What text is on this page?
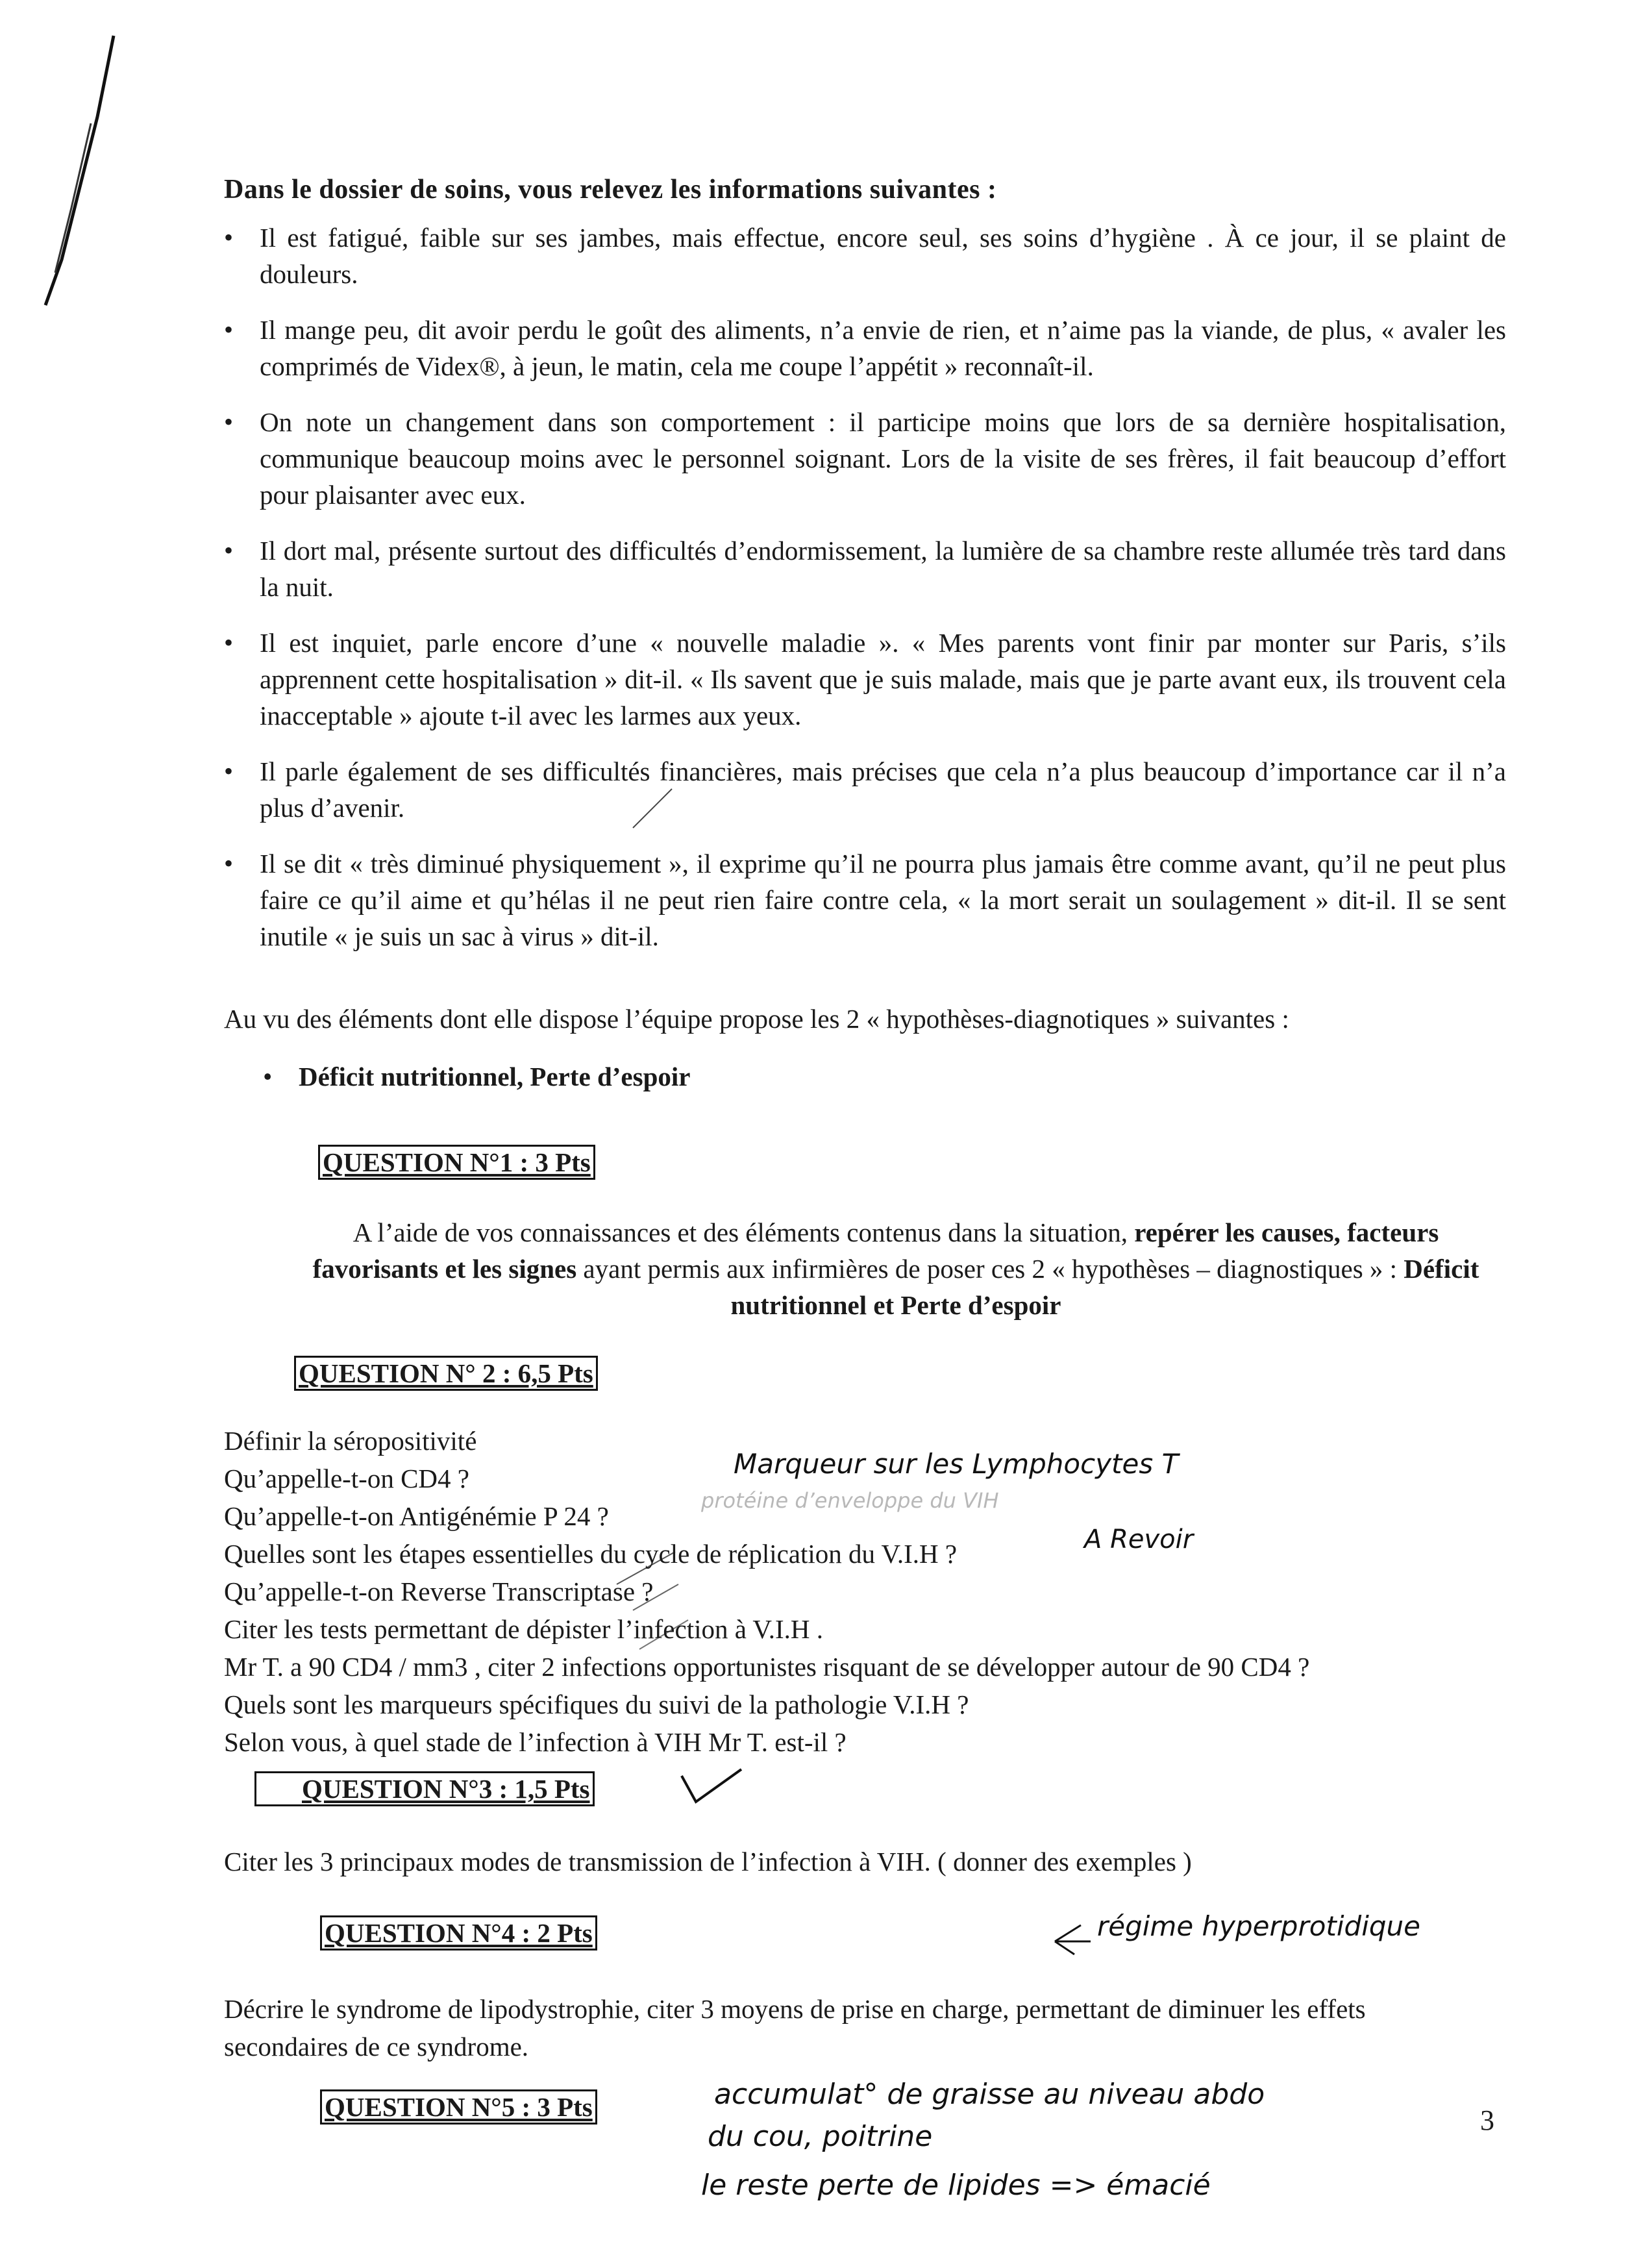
Dans le dossier de soins, vous relevez les informations suivantes :
• Il est fatigué, faible sur ses jambes, mais effectue, encore seul, ses soins d’hygiène . À ce jour, il se plaint de douleurs.
• Il mange peu, dit avoir perdu le goût des aliments, n’a envie de rien, et n’aime pas la viande, de plus, « avaler les comprimés de Videx®, à jeun, le matin, cela me coupe l’appétit » reconnaît-il.
• On note un changement dans son comportement : il participe moins que lors de sa dernière hospitalisation, communique beaucoup moins avec le personnel soignant. Lors de la visite de ses frères, il fait beaucoup d’effort pour plaisanter avec eux.
• Il dort mal, présente surtout des difficultés d’endormissement, la lumière de sa chambre reste allumée très tard dans la nuit.
• Il est inquiet, parle encore d’une « nouvelle maladie ». « Mes parents vont finir par monter sur Paris, s’ils apprennent cette hospitalisation » dit-il. « Ils savent que je suis malade, mais que je parte avant eux, ils trouvent cela inacceptable » ajoute t-il avec les larmes aux yeux.
• Il parle également de ses difficultés financières, mais précises que cela n’a plus beaucoup d’importance car il n’a plus d’avenir.
• Il se dit « très diminué physiquement », il exprime qu’il ne pourra plus jamais être comme avant, qu’il ne peut plus faire ce qu’il aime et qu’hélas il ne peut rien faire contre cela, « la mort serait un soulagement » dit-il. Il se sent inutile « je suis un sac à virus » dit-il.
Au vu des éléments dont elle dispose l’équipe propose les 2 « hypothèses-diagnotiques » suivantes :
• Déficit nutritionnel, Perte d’espoir
QUESTION N°1 : 3 Pts
A l’aide de vos connaissances et des éléments contenus dans la situation, repérer les causes, facteurs favorisants et les signes ayant permis aux infirmières de poser ces 2 « hypothèses – diagnostiques » : Déficit nutritionnel et Perte d’espoir
QUESTION N° 2 : 6,5 Pts
Définir la séropositivité
Qu’appelle-t-on CD4 ?
Qu’appelle-t-on Antigénémie P 24 ?
Quelles sont les étapes essentielles du cycle de réplication du V.I.H ?
Qu’appelle-t-on Reverse Transcriptase ?
Citer les tests permettant de dépister l’infection à V.I.H .
Mr T. a 90 CD4 / mm3 , citer 2 infections opportunistes risquant de se développer autour de 90 CD4 ?
Quels sont les marqueurs spécifiques du suivi de la pathologie V.I.H ?
Selon vous, à quel stade de l’infection à VIH Mr T. est-il ?
Marqueur sur les Lymphocytes T
protéine d’enveloppe du VIH
A Revoir
QUESTION N°3 : 1,5 Pts
Citer les 3 principaux modes de transmission de l’infection à VIH. ( donner des exemples )
QUESTION N°4 : 2 Pts	régime hyperprotidique
Décrire le syndrome de lipodystrophie, citer 3 moyens de prise en charge, permettant de diminuer les effets secondaires de ce syndrome.
QUESTION N°5 : 3 Pts	accumulat° de graisse au niveau abdo
du cou, poitrine
le reste perte de lipides => émacié
3
